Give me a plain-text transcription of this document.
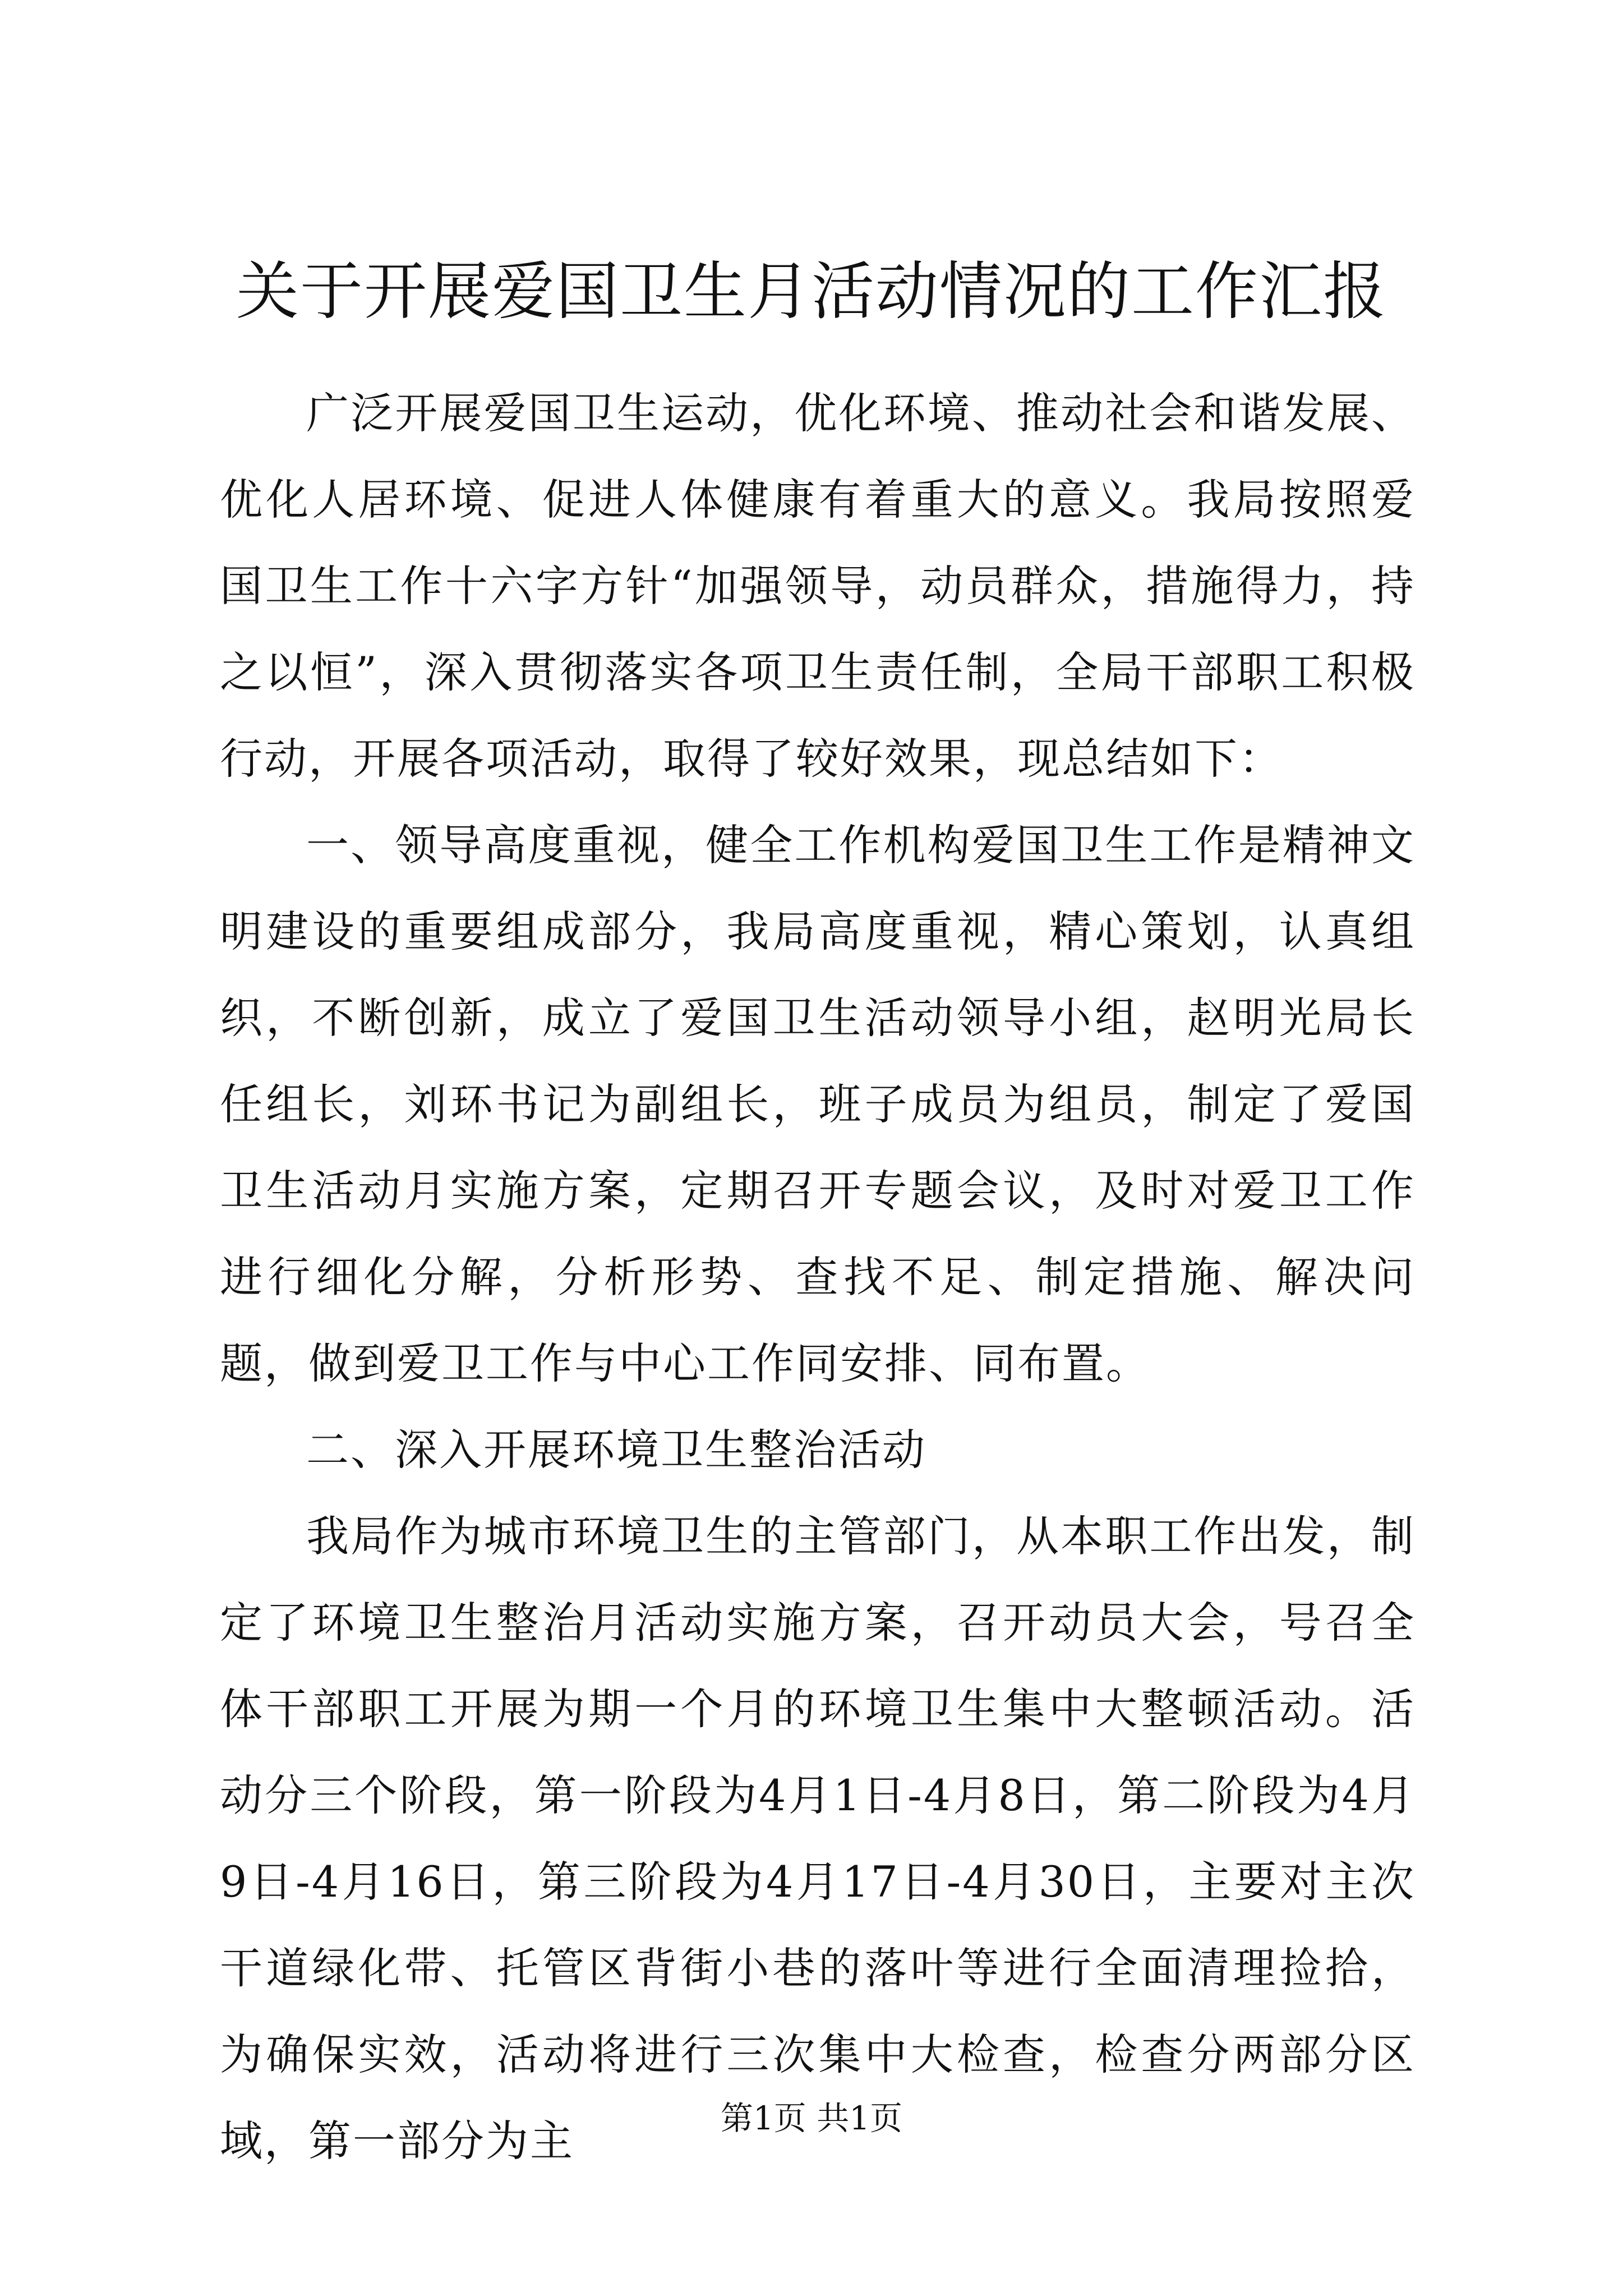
关于开展爱国卫生月活动情况的工作汇报

广泛开展爱国卫生运动，优化环境、推动社会和谐发展、优化人居环境、促进人体健康有着重大的意义。我局按照爱国卫生工作十六字方针“加强领导，动员群众，措施得力，持之以恒”，深入贯彻落实各项卫生责任制，全局干部职工积极行动，开展各项活动，取得了较好效果，现总结如下：

一、领导高度重视，健全工作机构爱国卫生工作是精神文明建设的重要组成部分，我局高度重视，精心策划，认真组织，不断创新，成立了爱国卫生活动领导小组，赵明光局长任组长，刘环书记为副组长，班子成员为组员，制定了爱国卫生活动月实施方案，定期召开专题会议，及时对爱卫工作进行细化分解，分析形势、查找不足、制定措施、解决问题，做到爱卫工作与中心工作同安排、同布置。

二、深入开展环境卫生整治活动

我局作为城市环境卫生的主管部门，从本职工作出发，制定了环境卫生整治月活动实施方案，召开动员大会，号召全体干部职工开展为期一个月的环境卫生集中大整顿活动。活动分三个阶段，第一阶段为4月1日-4月8日，第二阶段为4月9日-4月16日，第三阶段为4月17日-4月30日，主要对主次干道绿化带、托管区背街小巷的落叶等进行全面清理捡拾，为确保实效，活动将进行三次集中大检查，检查分两部分区域，第一部分为主	第1页 共1页
